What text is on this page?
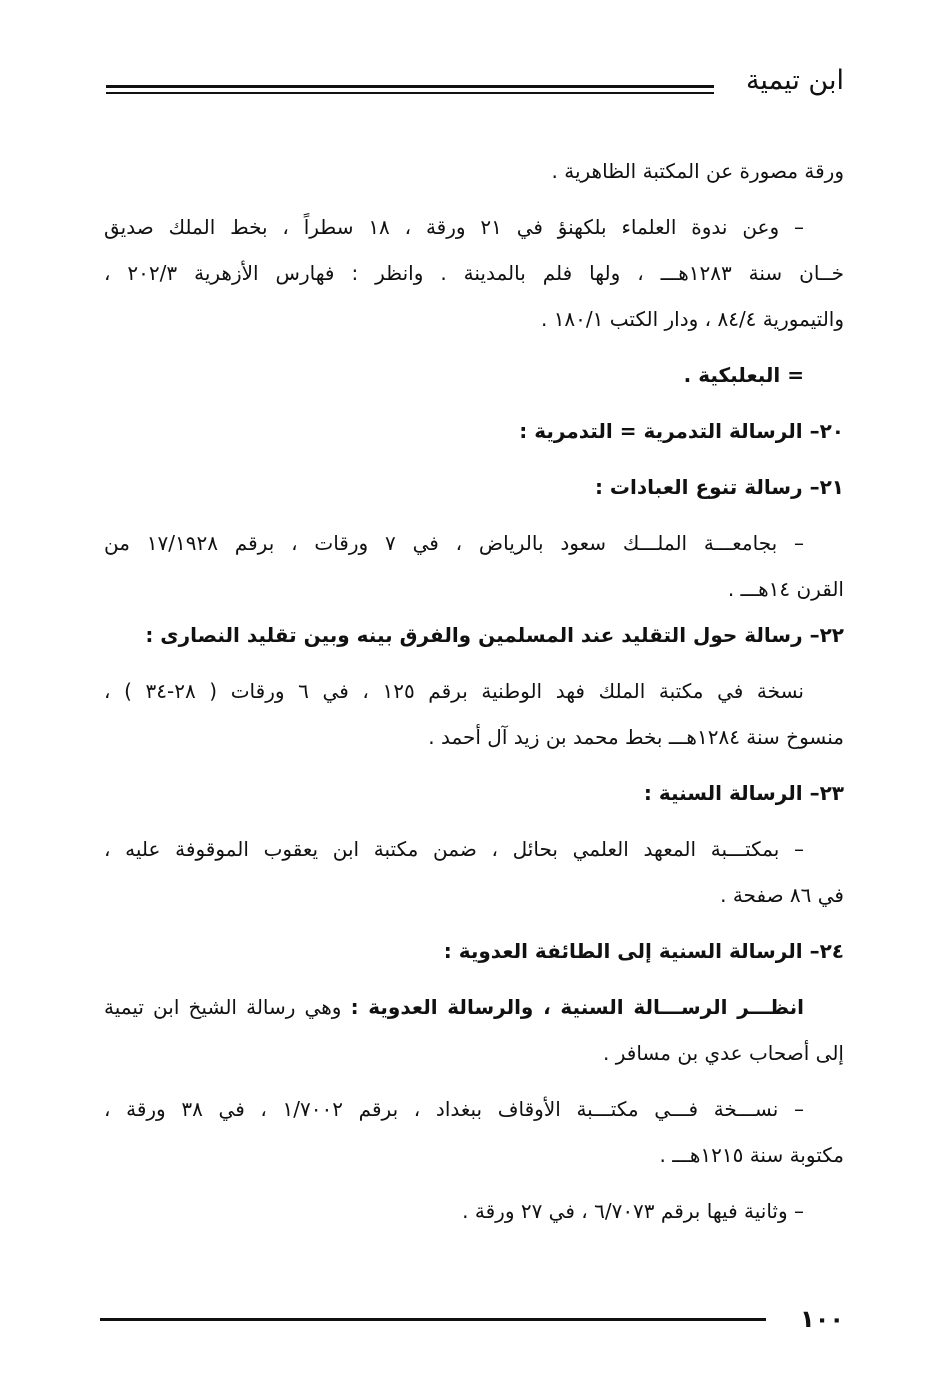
ابن تيمية
ورقة مصورة عن المكتبة الظاهرية .
– وعن ندوة العلماء بلكهنؤ في ٢١ ورقة ، ١٨ سطراً ، بخط الملك صديق
خــان سنة ١٢٨٣هـــ ، ولها فلم بالمدينة . وانظر : فهارس الأزهرية ٢٠٢/٣ ،
والتيمورية ٨٤/٤ ، ودار الكتب ١٨٠/١ .
= البعلبكية .
٢٠– الرسالة التدمرية = التدمرية :
٢١– رسالة تنوع العبادات :
– بجامعـــة الملـــك سعود بالرياض ، في ٧ ورقات ، برقم ١٧/١٩٢٨ من
القرن ١٤هـــ .
٢٢– رسالة حول التقليد عند المسلمين والفرق بينه وبين تقليد النصارى :
نسخة في مكتبة الملك فهد الوطنية برقم ١٢٥ ، في ٦ ورقات ( ٢٨-٣٤ ) ،
منسوخ سنة ١٢٨٤هـــ بخط محمد بن زيد آل أحمد .
٢٣– الرسالة السنية :
– بمكتـــبة المعهد العلمي بحائل ، ضمن مكتبة ابن يعقوب الموقوفة عليه ،
في ٨٦ صفحة .
٢٤– الرسالة السنية إلى الطائفة العدوية :
انظـــر الرســـالة السنية ، والرسالة العدوية : وهي رسالة الشيخ ابن تيمية
إلى أصحاب عدي بن مسافر .
– نســـخة فـــي مكتـــبة الأوقاف ببغداد ، برقم ١/٧٠٠٢ ، في ٣٨ ورقة ،
مكتوبة سنة ١٢١٥هـــ .
– وثانية فيها برقم ٦/٧٠٧٣ ، في ٢٧ ورقة .
١٠٠
